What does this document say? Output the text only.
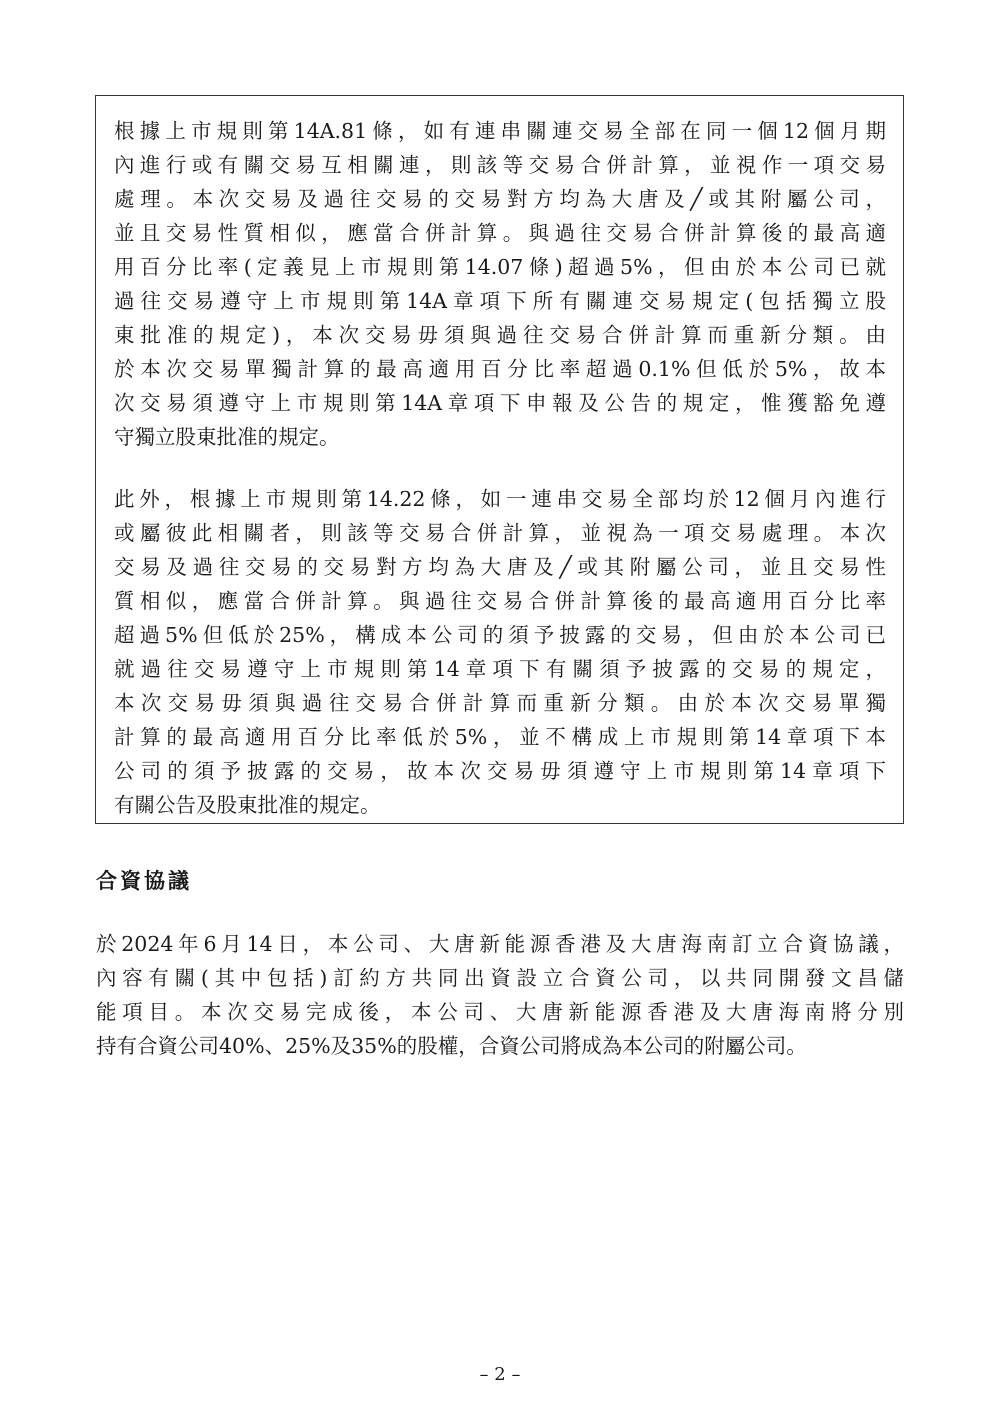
根據上市規則第14A.81條，如有連串關連交易全部在同一個12個月期
內進行或有關交易互相關連，則該等交易合併計算，並視作一項交易
處理。本次交易及過往交易的交易對方均為大唐及╱或其附屬公司，
並且交易性質相似，應當合併計算。與過往交易合併計算後的最高適
用百分比率(定義見上市規則第14.07條)超過5%，但由於本公司已就
過往交易遵守上市規則第14A章項下所有關連交易規定(包括獨立股
東批准的規定)，本次交易毋須與過往交易合併計算而重新分類。由
於本次交易單獨計算的最高適用百分比率超過0.1%但低於5%，故本
次交易須遵守上市規則第14A章項下申報及公告的規定，惟獲豁免遵
守獨立股東批准的規定。
此外，根據上市規則第14.22條，如一連串交易全部均於12個月內進行
或屬彼此相關者，則該等交易合併計算，並視為一項交易處理。本次
交易及過往交易的交易對方均為大唐及╱或其附屬公司，並且交易性
質相似，應當合併計算。與過往交易合併計算後的最高適用百分比率
超過5%但低於25%，構成本公司的須予披露的交易，但由於本公司已
就過往交易遵守上市規則第14章項下有關須予披露的交易的規定，
本次交易毋須與過往交易合併計算而重新分類。由於本次交易單獨
計算的最高適用百分比率低於5%，並不構成上市規則第14章項下本
公司的須予披露的交易，故本次交易毋須遵守上市規則第14章項下
有關公告及股東批准的規定。
合資協議
於2024年6月14日，本公司、大唐新能源香港及大唐海南訂立合資協議，
內容有關(其中包括)訂約方共同出資設立合資公司，以共同開發文昌儲
能項目。本次交易完成後，本公司、大唐新能源香港及大唐海南將分別
持有合資公司40%、25%及35%的股權，合資公司將成為本公司的附屬公司。
– 2 –
